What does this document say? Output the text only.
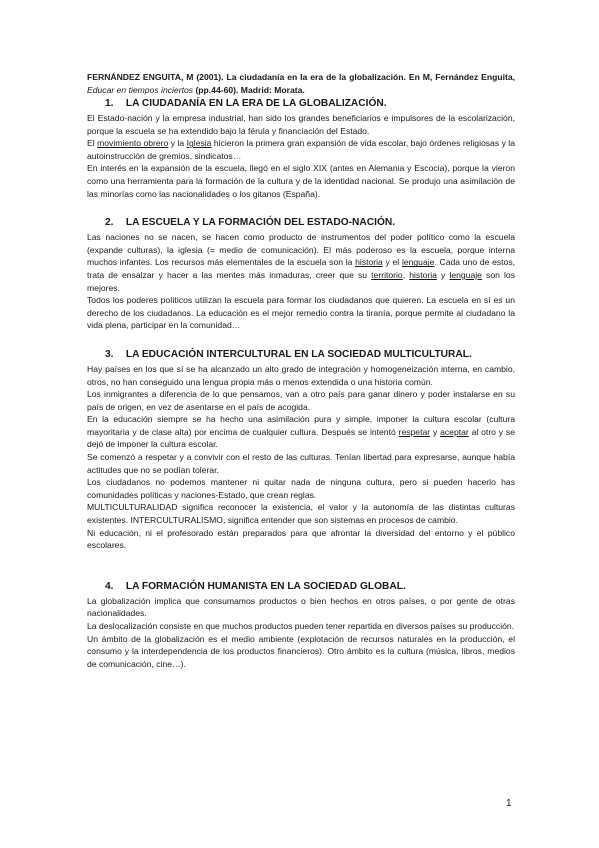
FERNÁNDEZ ENGUITA, M (2001). La ciudadanía en la era de la globalización. En M, Fernández Enguita, Educar en tiempos inciertos (pp.44-60). Madrid: Morata.

1. LA CIUDADANÍA EN LA ERA DE LA GLOBALIZACIÓN.

El Estado-nación y la empresa industrial, han sido los grandes beneficiarios e impulsores de la escolarización, porque la escuela se ha extendido bajo la férula y financiación del Estado.

El movimiento obrero y la Iglesia hicieron la primera gran expansión de vida escolar, bajo órdenes religiosas y la autoinstrucción de gremios, sindicatos…

En interés en la expansión de la escuela, llegó en el siglo XIX (antes en Alemania y Escocia), porque la vieron como una herramienta para la formación de la cultura y de la identidad nacional. Se produjo una asimilación de las minorías como las nacionalidades o los gitanos (España).

2. LA ESCUELA Y LA FORMACIÓN DEL ESTADO-NACIÓN.

Las naciones no se nacen, se hacen como producto de instrumentos del poder político como la escuela (expande culturas), la iglesia (= medio de comunicación). El más poderoso es la escuela, porque interna muchos infantes. Los recursos más elementales de la escuela son la historia y el lenguaje. Cada uno de estos, trata de ensalzar y hacer a las mentes más inmaduras, creer que su territorio, historia y lenguaje son los mejores.

Todos los poderes políticos utilizan la escuela para formar los ciudadanos que quieren. La escuela en sí es un derecho de los ciudadanos. La educación es el mejor remedio contra la tiranía, porque permite al ciudadano la vida plena, participar en la comunidad…

3. LA EDUCACIÓN INTERCULTURAL EN LA SOCIEDAD MULTICULTURAL.

Hay países en los que sí se ha alcanzado un alto grado de integración y homogeneización interna, en cambio, otros, no han conseguido una lengua propia más o menos extendida o una historia común.

Los inmigrantes a diferencia de lo que pensamos, van a otro país para ganar dinero y poder instalarse en su país de origen, en vez de asentarse en el país de acogida.

En la educación siempre se ha hecho una asimilación pura y simple, imponer la cultura escolar (cultura mayoritaria y de clase alta) por encima de cualquier cultura. Después se intentó respetar y aceptar al otro y se dejó de imponer la cultura escolar.

Se comenzó a respetar y a convivir con el resto de las culturas. Tenían libertad para expresarse, aunque había actitudes que no se podían tolerar.

Los ciudadanos no podemos mantener ni quitar nada de ninguna cultura, pero si pueden hacerlo has comunidades políticas y naciones-Estado, que crean reglas.

MULTICULTURALIDAD significa reconocer la existencia, el valor y la autonomía de las distintas culturas existentes. INTERCULTURALISMO, significa entender que son sistemas en procesos de cambio.

Ni educación, ni el profesorado están preparados para que afrontar la diversidad del entorno y el público escolares.

4. LA FORMACIÓN HUMANISTA EN LA SOCIEDAD GLOBAL.

La globalización implica que consumamos productos o bien hechos en otros países, o por gente de otras nacionalidades.

La deslocalización consiste en que muchos productos pueden tener repartida en diversos países su producción.

Un ámbito de la globalización es el medio ambiente (explotación de recursos naturales en la producción, el consumo y la interdependencia de los productos financieros). Otro ámbito es la cultura (música, libros, medios de comunicación, cine…).

1
